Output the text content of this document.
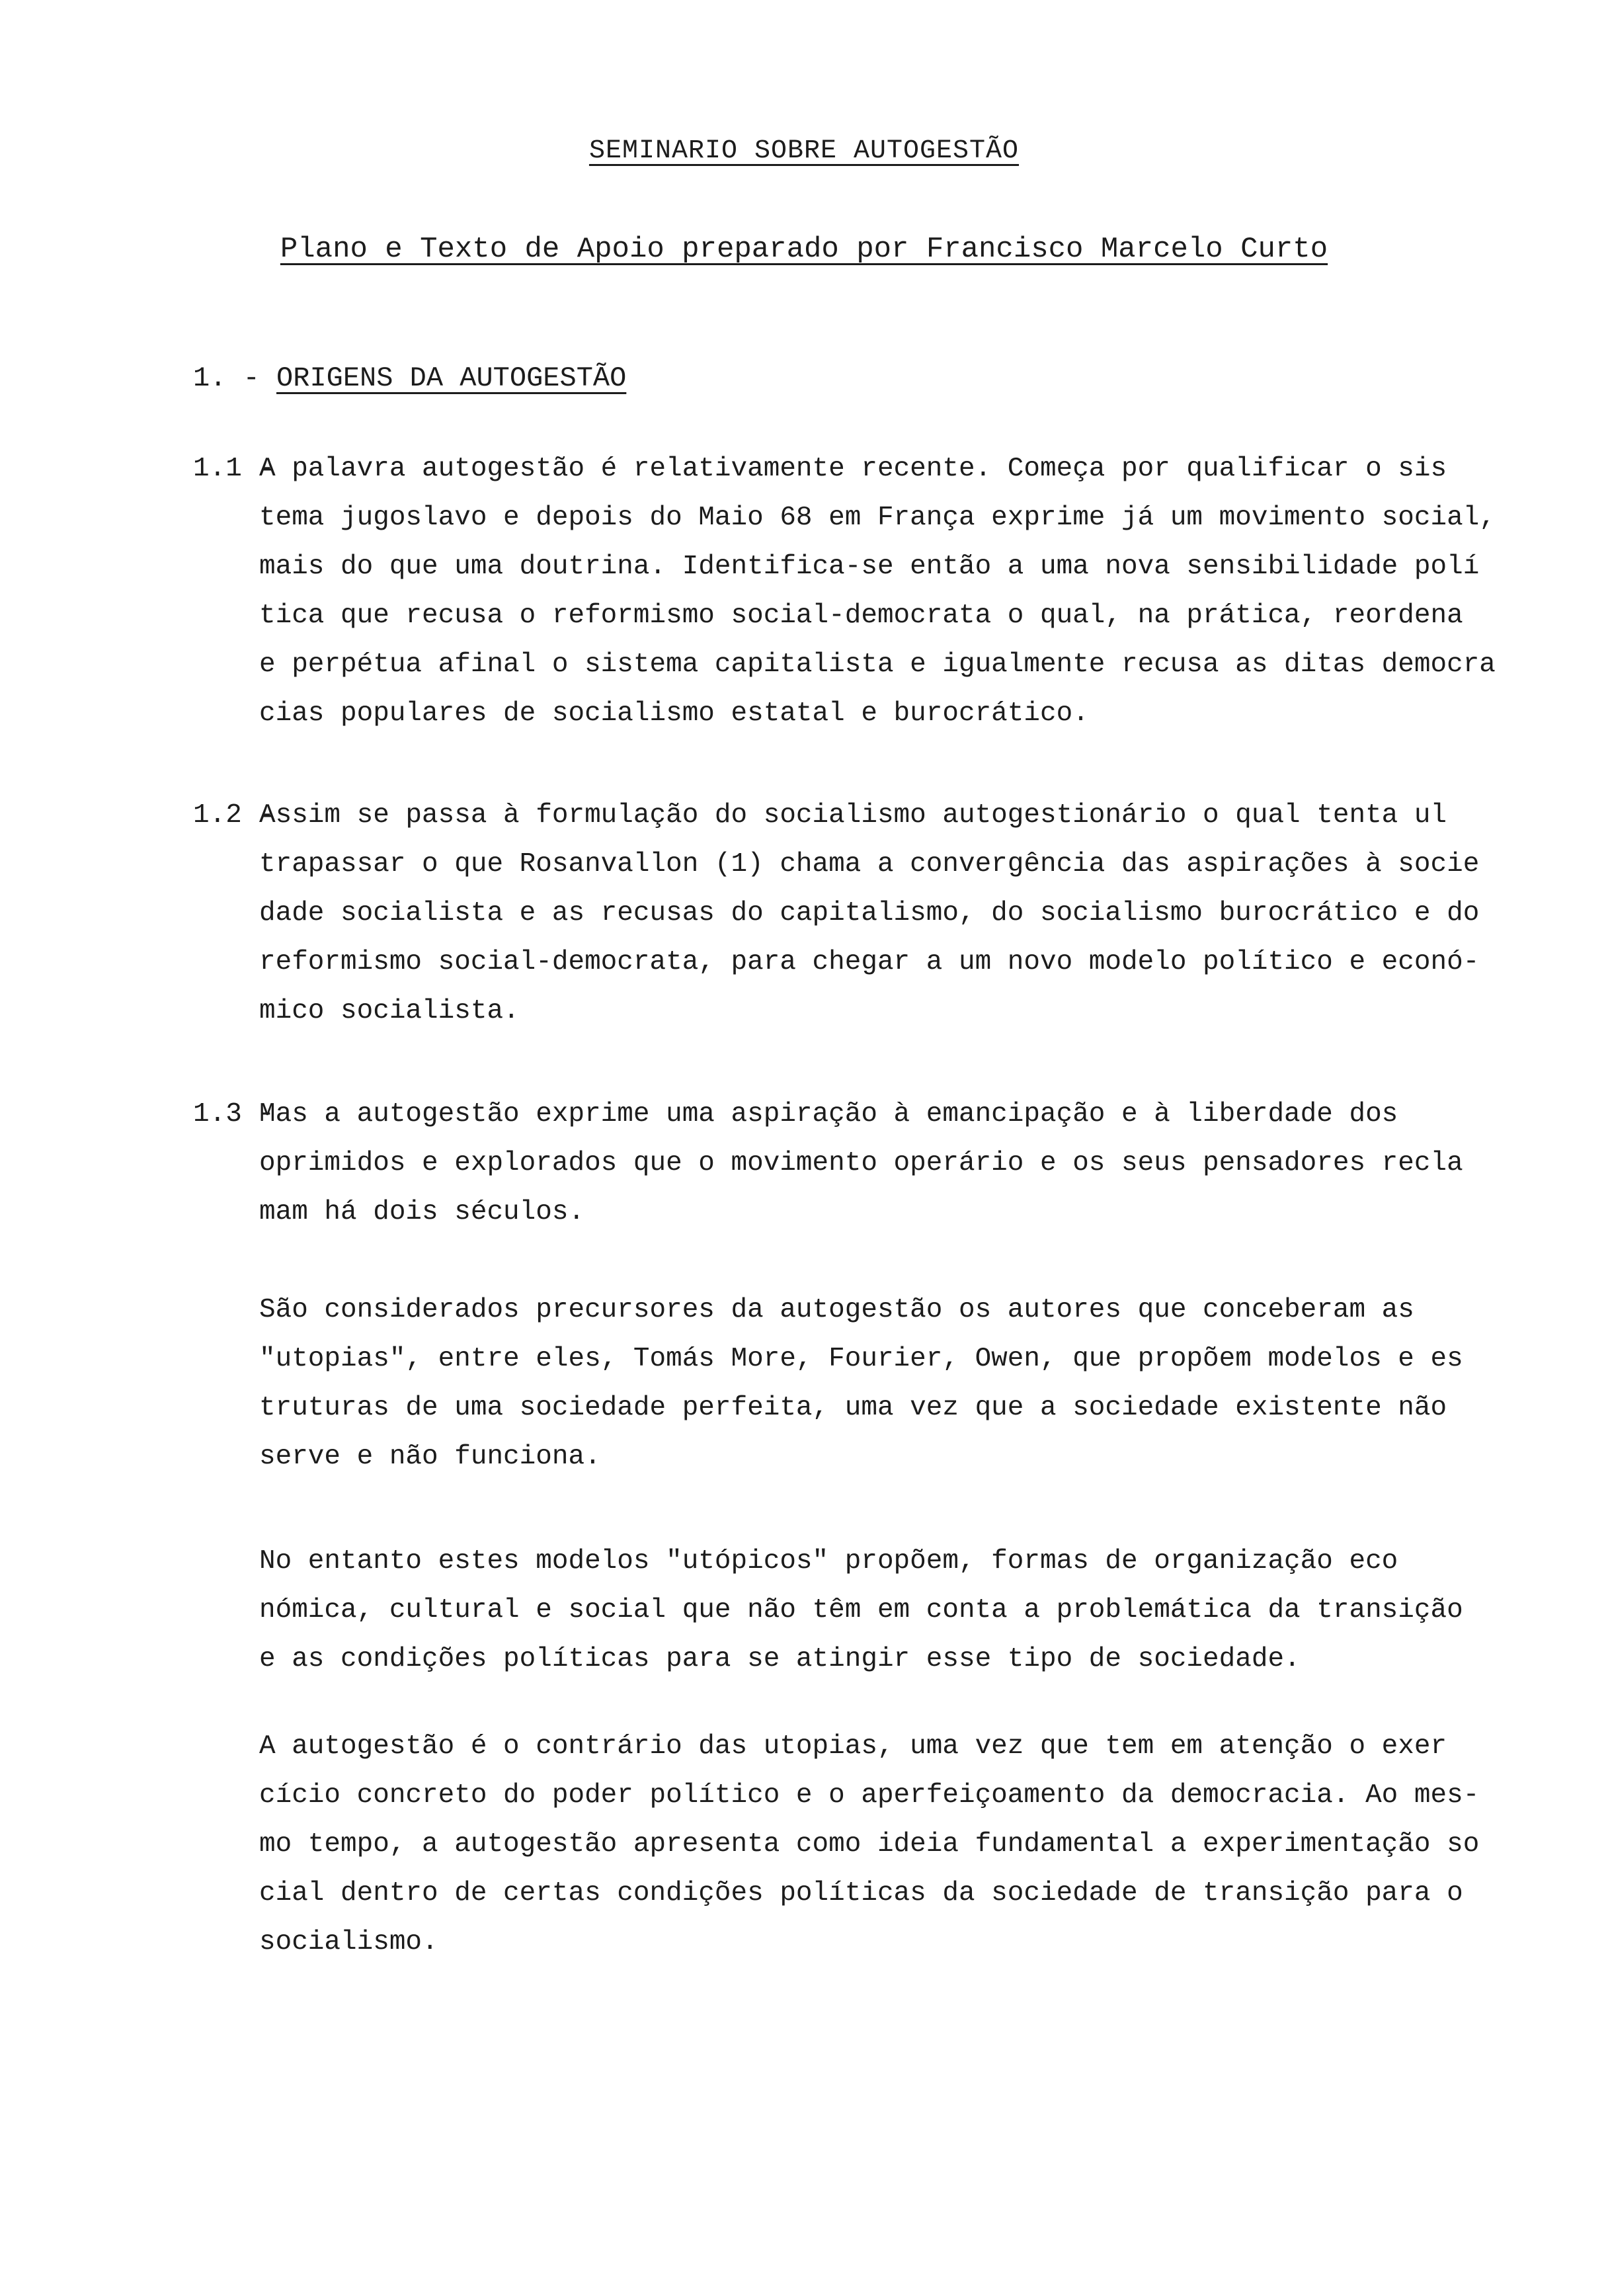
SEMINARIO SOBRE AUTOGESTÃO
Plano e Texto de Apoio preparado por Francisco Marcelo Curto
1. - ORIGENS DA AUTOGESTÃO
1.1 -A palavra autogestão é relativamente recente. Começa por qualificar o sis
tema jugoslavo e depois do Maio 68 em França exprime já um movimento social,
mais do que uma doutrina. Identifica-se então a uma nova sensibilidade polí
tica que recusa o reformismo social-democrata o qual, na prática, reordena
e perpétua afinal o sistema capitalista e igualmente recusa as ditas democra
cias populares de socialismo estatal e burocrático.
1.2 -Assim se passa à formulação do socialismo autogestionário o qual tenta ul
trapassar o que Rosanvallon (1) chama a convergência das aspirações à socie
dade socialista e as recusas do capitalismo, do socialismo burocrático e do
reformismo social-democrata, para chegar a um novo modelo político e econó-
mico socialista.
1.3 -Mas a autogestão exprime uma aspiração à emancipação e à liberdade dos
oprimidos e explorados que o movimento operário e os seus pensadores recla
mam há dois séculos.
São considerados precursores da autogestão os autores que conceberam as
"utopias", entre eles, Tomás More, Fourier, Owen, que propõem modelos e es
truturas de uma sociedade perfeita, uma vez que a sociedade existente não
serve e não funciona.
No entanto estes modelos "utópicos" propõem, formas de organização eco
nómica, cultural e social que não têm em conta a problemática da transição
e as condições políticas para se atingir esse tipo de sociedade.
A autogestão é o contrário das utopias, uma vez que tem em atenção o exer
cício concreto do poder político e o aperfeiçoamento da democracia. Ao mes-
mo tempo, a autogestão apresenta como ideia fundamental a experimentação so
cial dentro de certas condições políticas da sociedade de transição para o
socialismo.
